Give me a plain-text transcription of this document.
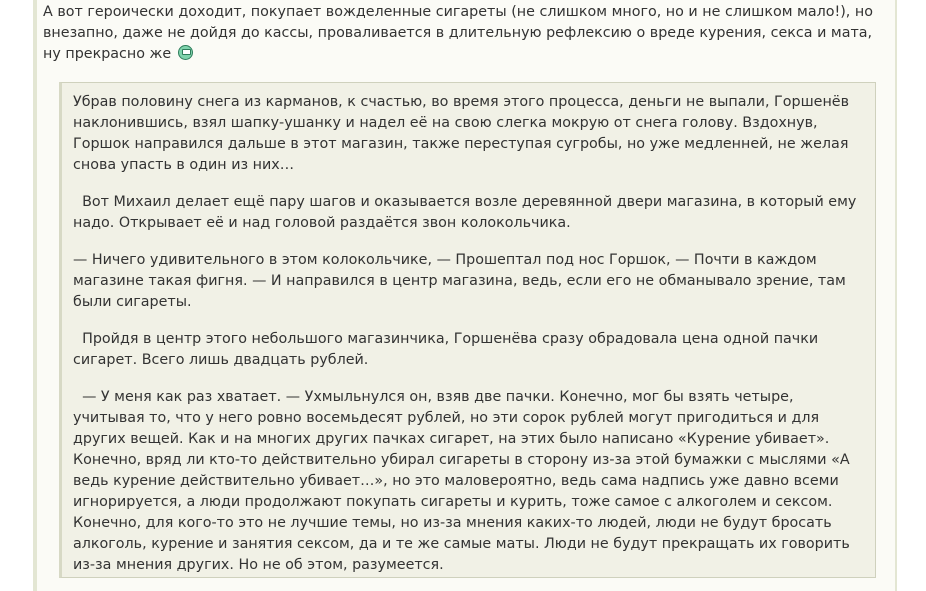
А вот героически доходит, покупает вожделенные сигареты (не слишком много, но и не слишком мало!), но внезапно, даже не дойдя до кассы, проваливается в длительную рефлексию о вреде курения, секса и мата, ну прекрасно же

Убрав половину снега из карманов, к счастью, во время этого процесса, деньги не выпали, Горшенёв наклонившись, взял шапку-ушанку и надел её на свою слегка мокрую от снега голову. Вздохнув, Горшок направился дальше в этот магазин, также переступая сугробы, но уже медленней, не желая снова упасть в один из них…

Вот Михаил делает ещё пару шагов и оказывается возле деревянной двери магазина, в который ему надо. Открывает её и над головой раздаётся звон колокольчика.

— Ничего удивительного в этом колокольчике, — Прошептал под нос Горшок, — Почти в каждом магазине такая фигня. — И направился в центр магазина, ведь, если его не обманывало зрение, там были сигареты.

Пройдя в центр этого небольшого магазинчика, Горшенёва сразу обрадовала цена одной пачки сигарет. Всего лишь двадцать рублей.

— У меня как раз хватает. — Ухмыльнулся он, взяв две пачки. Конечно, мог бы взять четыре, учитывая то, что у него ровно восемьдесят рублей, но эти сорок рублей могут пригодиться и для других вещей. Как и на многих других пачках сигарет, на этих было написано «Курение убивает». Конечно, вряд ли кто-то действительно убирал сигареты в сторону из-за этой бумажки с мыслями «А ведь курение действительно убивает…», но это маловероятно, ведь сама надпись уже давно всеми игнорируется, а люди продолжают покупать сигареты и курить, тоже самое с алкоголем и сексом. Конечно, для кого-то это не лучшие темы, но из-за мнения каких-то людей, люди не будут бросать алкоголь, курение и занятия сексом, да и те же самые маты. Люди не будут прекращать их говорить из-за мнения других. Но не об этом, разумеется.
